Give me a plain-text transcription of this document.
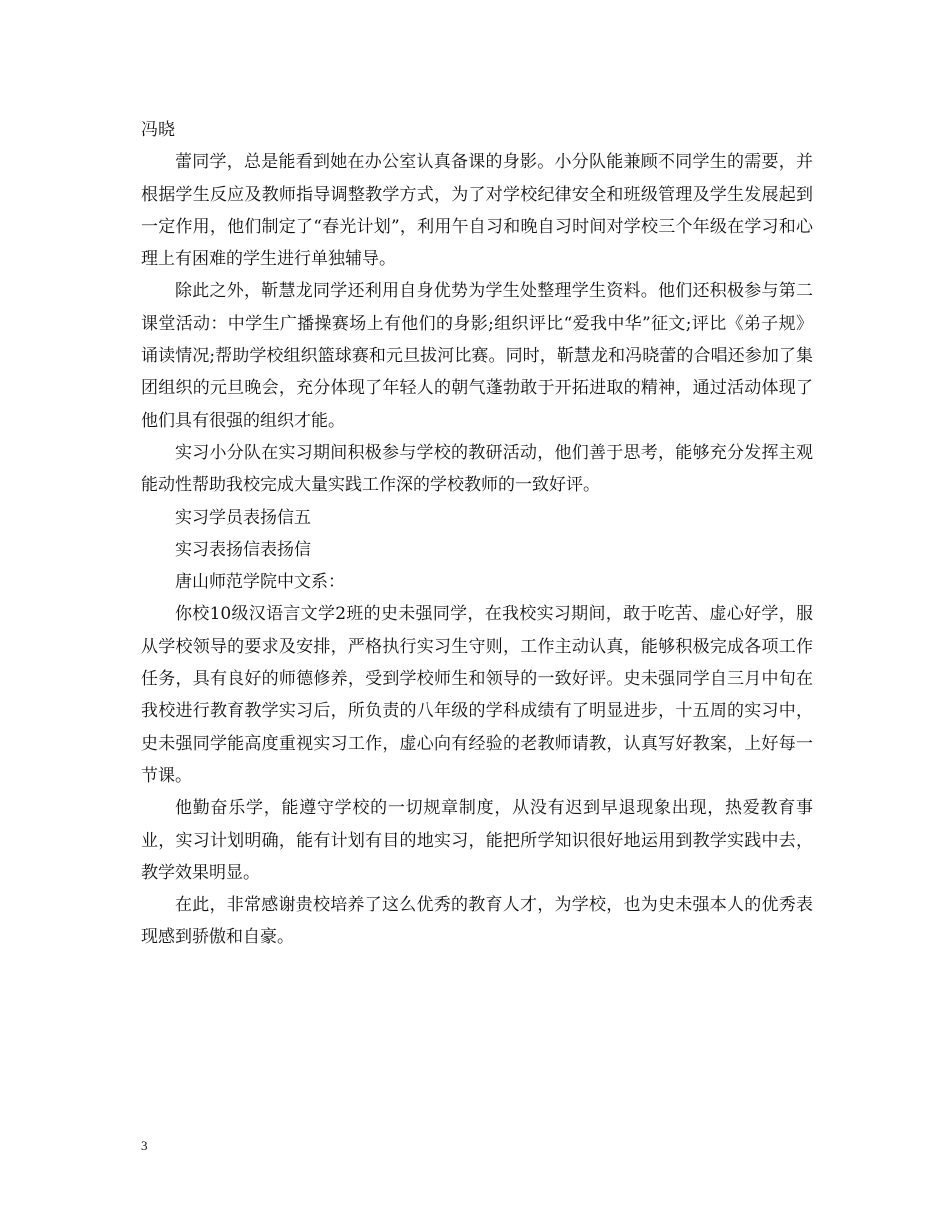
冯晓

蕾同学，总是能看到她在办公室认真备课的身影。小分队能兼顾不同学生的需要，并根据学生反应及教师指导调整教学方式，为了对学校纪律安全和班级管理及学生发展起到一定作用，他们制定了“春光计划”，利用午自习和晚自习时间对学校三个年级在学习和心理上有困难的学生进行单独辅导。

除此之外，靳慧龙同学还利用自身优势为学生处整理学生资料。他们还积极参与第二课堂活动：中学生广播操赛场上有他们的身影;组织评比“爱我中华”征文;评比《弟子规》诵读情况;帮助学校组织篮球赛和元旦拔河比赛。同时，靳慧龙和冯晓蕾的合唱还参加了集团组织的元旦晚会，充分体现了年轻人的朝气蓬勃敢于开拓进取的精神，通过活动体现了他们具有很强的组织才能。

实习小分队在实习期间积极参与学校的教研活动，他们善于思考，能够充分发挥主观能动性帮助我校完成大量实践工作深的学校教师的一致好评。

实习学员表扬信五

实习表扬信表扬信

唐山师范学院中文系：

你校10级汉语言文学2班的史未强同学，在我校实习期间，敢于吃苦、虚心好学，服从学校领导的要求及安排，严格执行实习生守则，工作主动认真，能够积极完成各项工作任务，具有良好的师德修养，受到学校师生和领导的一致好评。史未强同学自三月中旬在我校进行教育教学实习后，所负责的八年级的学科成绩有了明显进步，十五周的实习中，史未强同学能高度重视实习工作，虚心向有经验的老教师请教，认真写好教案，上好每一节课。

他勤奋乐学，能遵守学校的一切规章制度，从没有迟到早退现象出现，热爱教育事业，实习计划明确，能有计划有目的地实习，能把所学知识很好地运用到教学实践中去，教学效果明显。

在此，非常感谢贵校培养了这么优秀的教育人才，为学校，也为史未强本人的优秀表现感到骄傲和自豪。

3
